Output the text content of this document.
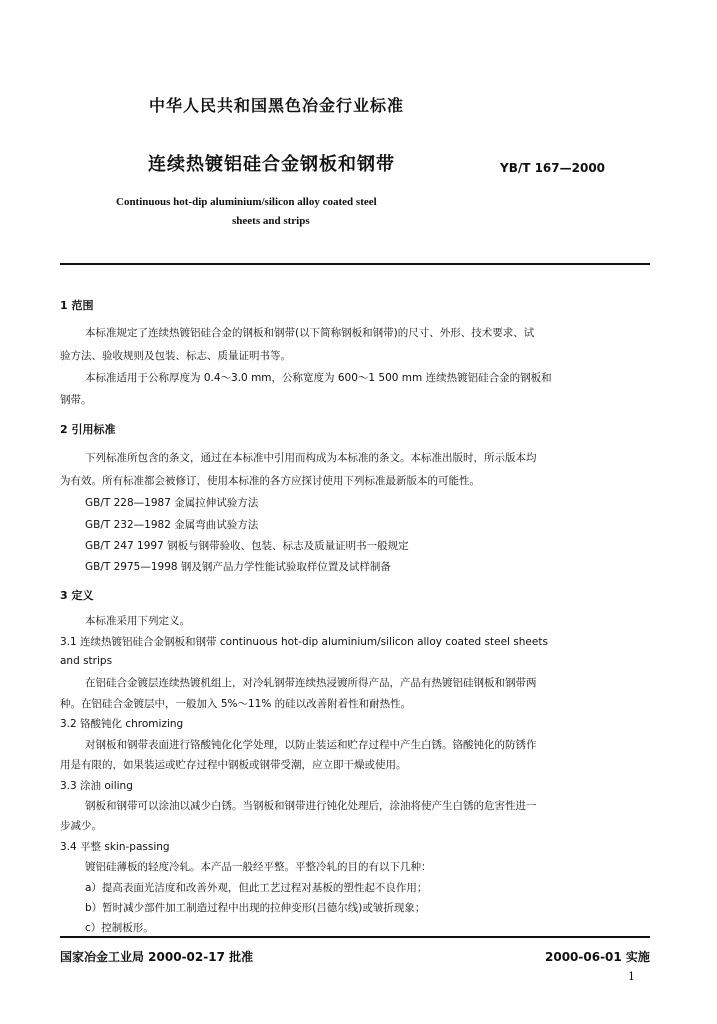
中华人民共和国黑色冶金行业标准
连续热镀铝硅合金钢板和钢带	YB/T 167—2000
Continuous hot-dip aluminium/silicon alloy coated steel
sheets and strips
1 范围
本标准规定了连续热镀铝硅合金的钢板和钢带(以下简称钢板和钢带)的尺寸、外形、技术要求、试
验方法、验收规则及包装、标志、质量证明书等。
本标准适用于公称厚度为 0.4～3.0 mm，公称宽度为 600～1 500 mm 连续热镀铝硅合金的钢板和
钢带。
2 引用标准
下列标准所包含的条文，通过在本标准中引用而构成为本标准的条文。本标准出版时，所示版本均
为有效。所有标准都会被修订，使用本标准的各方应探讨使用下列标准最新版本的可能性。
GB/T 228—1987 金属拉伸试验方法
GB/T 232—1982 金属弯曲试验方法
GB/T 247 1997 钢板与钢带验收、包装、标志及质量证明书一般规定
GB/T 2975—1998 钢及钢产品力学性能试验取样位置及试样制备
3 定义
本标准采用下列定义。
3.1 连续热镀铝硅合金钢板和钢带 continuous hot-dip aluminium/silicon alloy coated steel sheets
and strips
在铝硅合金镀层连续热镀机组上，对冷轧钢带连续热浸镀所得产品，产品有热镀铝硅钢板和钢带两
种。在铝硅合金镀层中，一般加入 5%～11% 的硅以改善附着性和耐热性。
3.2 铬酸钝化 chromizing
对钢板和钢带表面进行铬酸钝化化学处理，以防止装运和贮存过程中产生白锈。铬酸钝化的防锈作
用是有限的，如果装运或贮存过程中钢板或钢带受潮，应立即干燥或使用。
3.3 涂油 oiling
钢板和钢带可以涂油以减少白锈。当钢板和钢带进行钝化处理后，涂油将使产生白锈的危害性进一
步减少。
3.4 平整 skin-passing
镀铝硅薄板的轻度冷轧。本产品一般经平整。平整冷轧的目的有以下几种：
a）提高表面光洁度和改善外观，但此工艺过程对基板的塑性起不良作用；
b）暂时减少部件加工制造过程中出现的拉伸变形(吕德尔线)或皱折现象；
c）控制板形。
国家冶金工业局 2000-02-17 批准	2000-06-01 实施
1
